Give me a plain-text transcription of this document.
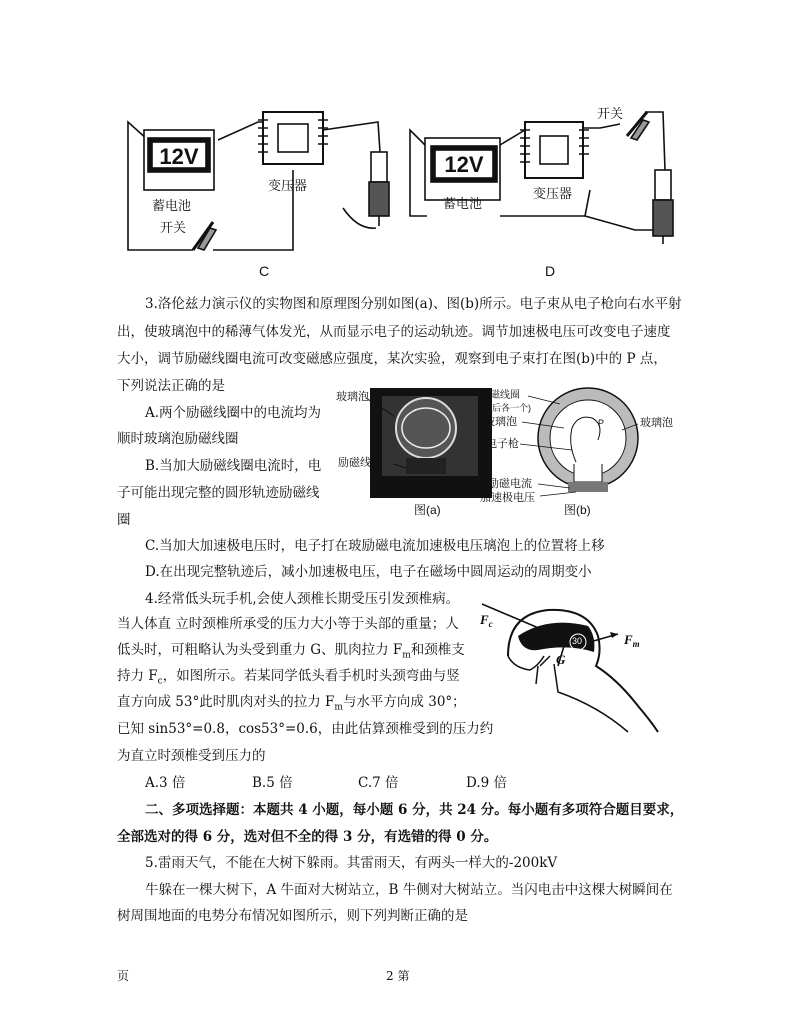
12V
蓄电池
变压器
开关
C
12V
蓄电池
变压器
开关
D
3.洛伦兹力演示仪的实物图和原理图分别如图(a)、图(b)所示。电子束从电子枪向右水平射
出，使玻璃泡中的稀薄气体发光，从而显示电子的运动轨迹。调节加速极电压可改变电子速度
大小，调节励磁线圈电流可改变磁感应强度，某次实验，观察到电子束打在图(b)中的 P 点，
下列说法正确的是
A.两个励磁线圈中的电流均为
顺时玻璃泡励磁线圈
B.当加大励磁线圈电流时，电
子可能出现完整的圆形轨迹励磁线
圈
C.当加大加速极电压时，电子打在玻励磁电流加速极电压璃泡上的位置将上移
D.在出现完整轨迹后，减小加速极电压，电子在磁场中圆周运动的周期变小
玻璃泡
励磁线圈
图(a)
励磁线圈
(前后各一个)
玻璃泡
电子枪
P	玻璃泡
励磁电流
加速极电压
图(b)
4.经常低头玩手机,会使人颈椎长期受压引发颈椎病。
当人体直 立时颈椎所承受的压力大小等于头部的重量；人
低头时，可粗略认为头受到重力 G、肌肉拉力 $F_m$和颈椎支
持力 $F_c$，如图所示。若某同学低头看手机时头颈弯曲与竖
直方向成 53°此时肌肉对头的拉力 $F_m$与水平方向成 30°；
已知 sin53°=0.8，cos53°=0.6，由此估算颈椎受到的压力约
为直立时颈椎受到压力的
A.3 倍	B.5 倍	C.7 倍	D.9 倍
$F_c$
$F_m$
G
53
30
二、多项选择题：本题共 4 小题，每小题 6 分，共 24 分。每小题有多项符合题目要求，
全部选对的得 6 分，选对但不全的得 3 分，有选错的得 0 分。
5.雷雨天气，不能在大树下躲雨。其雷雨天，有两头一样大的-200kV
牛躲在一棵大树下，A 牛面对大树站立，B 牛侧对大树站立。当闪电击中这棵大树瞬间在
树周围地面的电势分布情况如图所示，则下列判断正确的是
页	2 第
